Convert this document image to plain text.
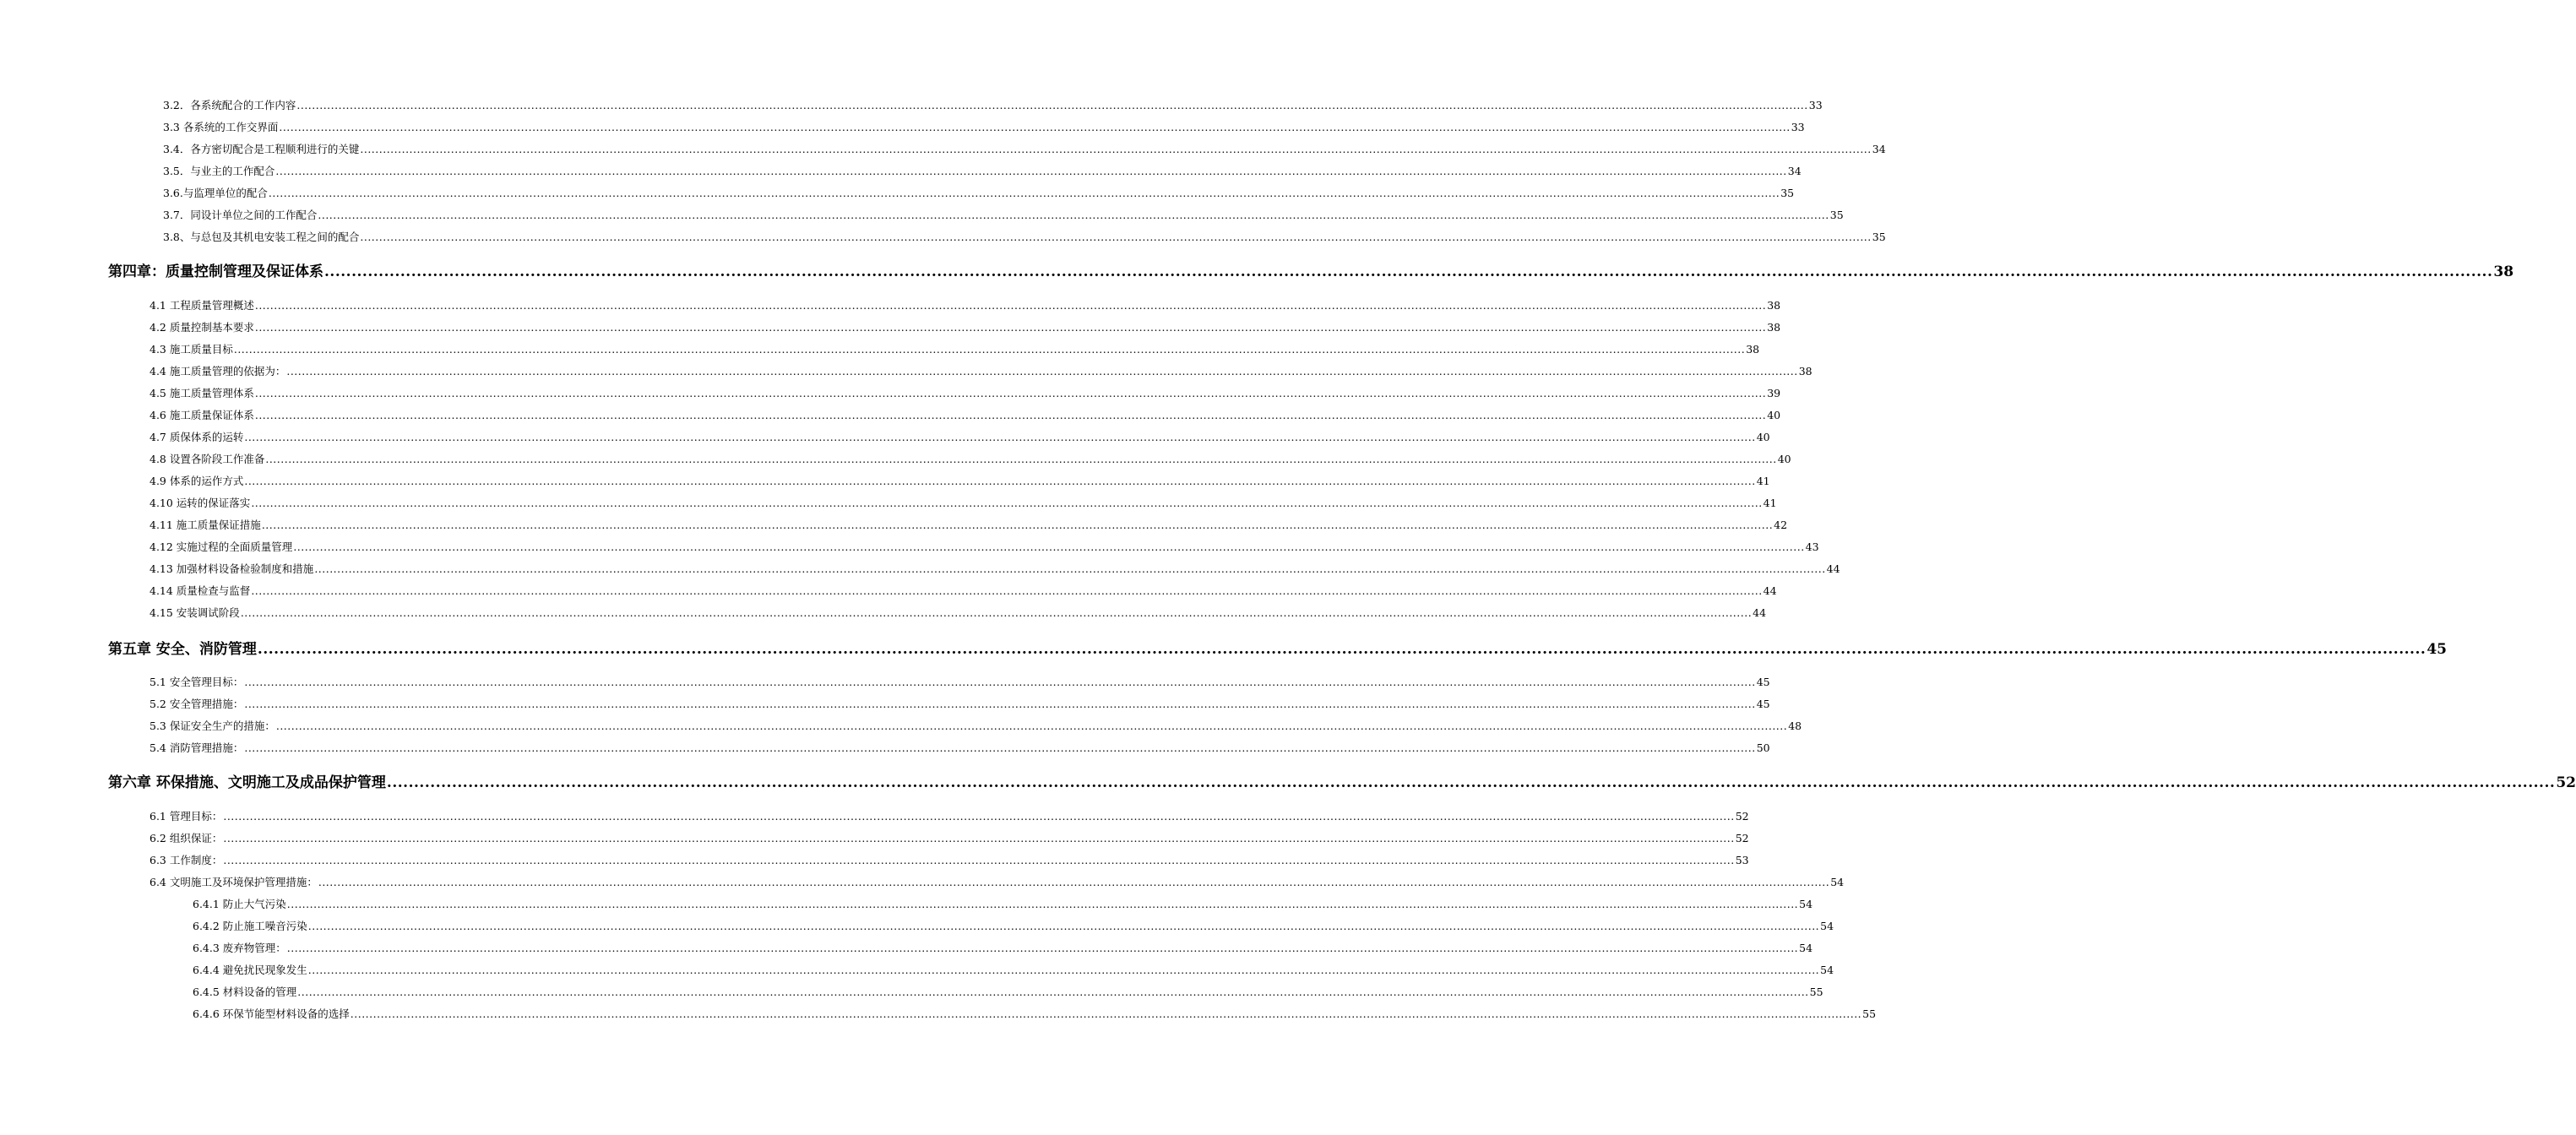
3.2．各系统配合的工作内容 ................................................................................................................................................................................................................................................................................................................................................................................................................ 33
3.3 各系统的工作交界面 ................................................................................................................................................................................................................................................................................................................................................................................................................ 33
3.4．各方密切配合是工程顺利进行的关键 ................................................................................................................................................................................................................................................................................................................................................................................................................ 34
3.5．与业主的工作配合 ................................................................................................................................................................................................................................................................................................................................................................................................................ 34
3.6.与监理单位的配合 ................................................................................................................................................................................................................................................................................................................................................................................................................ 35
3.7．同设计单位之间的工作配合 ................................................................................................................................................................................................................................................................................................................................................................................................................ 35
3.8、与总包及其机电安装工程之间的配合 ................................................................................................................................................................................................................................................................................................................................................................................................................ 35
第四章：质量控制管理及保证体系 ................................................................................................................................................................................................................................................................................................................................................................................................................ 38
4.1 工程质量管理概述 ................................................................................................................................................................................................................................................................................................................................................................................................................ 38
4.2 质量控制基本要求 ................................................................................................................................................................................................................................................................................................................................................................................................................ 38
4.3 施工质量目标 ................................................................................................................................................................................................................................................................................................................................................................................................................ 38
4.4 施工质量管理的依据为： ................................................................................................................................................................................................................................................................................................................................................................................................................ 38
4.5 施工质量管理体系 ................................................................................................................................................................................................................................................................................................................................................................................................................ 39
4.6 施工质量保证体系 ................................................................................................................................................................................................................................................................................................................................................................................................................ 40
4.7 质保体系的运转 ................................................................................................................................................................................................................................................................................................................................................................................................................ 40
4.8 设置各阶段工作准备 ................................................................................................................................................................................................................................................................................................................................................................................................................ 40
4.9 体系的运作方式 ................................................................................................................................................................................................................................................................................................................................................................................................................ 41
4.10 运转的保证落实 ................................................................................................................................................................................................................................................................................................................................................................................................................ 41
4.11 施工质量保证措施 ................................................................................................................................................................................................................................................................................................................................................................................................................ 42
4.12 实施过程的全面质量管理 ................................................................................................................................................................................................................................................................................................................................................................................................................ 43
4.13 加强材料设备检验制度和措施 ................................................................................................................................................................................................................................................................................................................................................................................................................ 44
4.14 质量检查与监督 ................................................................................................................................................................................................................................................................................................................................................................................................................ 44
4.15 安装调试阶段 ................................................................................................................................................................................................................................................................................................................................................................................................................ 44
第五章 安全、消防管理 ................................................................................................................................................................................................................................................................................................................................................................................................................ 45
5.1 安全管理目标： ................................................................................................................................................................................................................................................................................................................................................................................................................ 45
5.2 安全管理措施： ................................................................................................................................................................................................................................................................................................................................................................................................................ 45
5.3 保证安全生产的措施： ................................................................................................................................................................................................................................................................................................................................................................................................................ 48
5.4 消防管理措施： ................................................................................................................................................................................................................................................................................................................................................................................................................ 50
第六章 环保措施、文明施工及成品保护管理 ................................................................................................................................................................................................................................................................................................................................................................................................................ 52
6.1 管理目标： ................................................................................................................................................................................................................................................................................................................................................................................................................ 52
6.2 组织保证： ................................................................................................................................................................................................................................................................................................................................................................................................................ 52
6.3 工作制度： ................................................................................................................................................................................................................................................................................................................................................................................................................ 53
6.4 文明施工及环境保护管理措施： ................................................................................................................................................................................................................................................................................................................................................................................................................ 54
6.4.1 防止大气污染 ................................................................................................................................................................................................................................................................................................................................................................................................................ 54
6.4.2 防止施工噪音污染 ................................................................................................................................................................................................................................................................................................................................................................................................................ 54
6.4.3 废弃物管理： ................................................................................................................................................................................................................................................................................................................................................................................................................ 54
6.4.4 避免扰民现象发生 ................................................................................................................................................................................................................................................................................................................................................................................................................ 54
6.4.5 材料设备的管理 ................................................................................................................................................................................................................................................................................................................................................................................................................ 55
6.4.6 环保节能型材料设备的选择 ................................................................................................................................................................................................................................................................................................................................................................................................................ 55
